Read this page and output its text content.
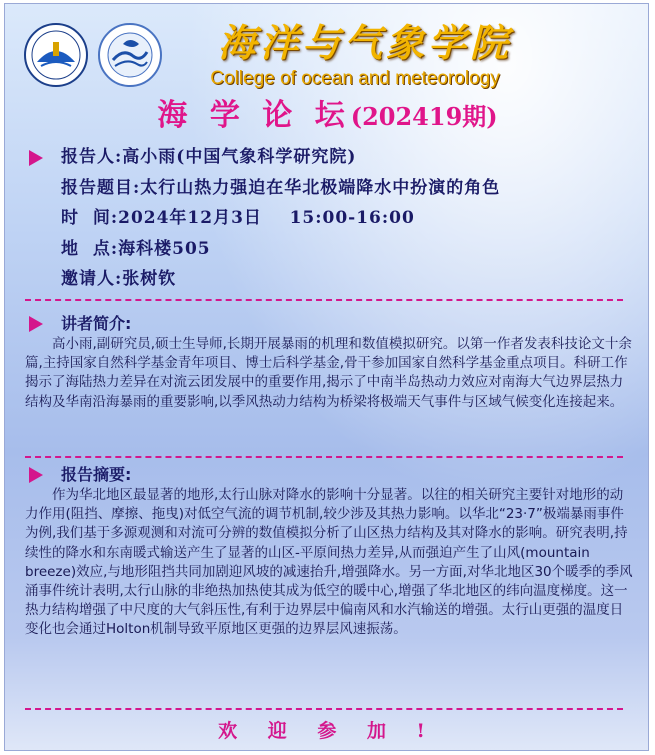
海洋与气象学院
College of ocean and meteorology
海 学 论 坛(202419期)
报告人:高小雨(中国气象科学研究院)
报告题目:太行山热力强迫在华北极端降水中扮演的角色
时  间:2024年12月3日    15:00-16:00
地  点:海科楼505
邀请人:张树钦
讲者简介:
高小雨,副研究员,硕士生导师,长期开展暴雨的机理和数值模拟研究。以第一作者发表科技论文十余篇,主持国家自然科学基金青年项目、博士后科学基金,骨干参加国家自然科学基金重点项目。科研工作揭示了海陆热力差异在对流云团发展中的重要作用,揭示了中南半岛热动力效应对南海大气边界层热力结构及华南沿海暴雨的重要影响,以季风热动力结构为桥梁将极端天气事件与区域气候变化连接起来。
报告摘要:
作为华北地区最显著的地形,太行山脉对降水的影响十分显著。以往的相关研究主要针对地形的动力作用(阻挡、摩擦、拖曳)对低空气流的调节机制,较少涉及其热力影响。以华北“23·7”极端暴雨事件为例,我们基于多源观测和对流可分辨的数值模拟分析了山区热力结构及其对降水的影响。研究表明,持续性的降水和东南暖式输送产生了显著的山区-平原间热力差异,从而强迫产生了山风(mountain breeze)效应,与地形阻挡共同加剧迎风坡的减速抬升,增强降水。另一方面,对华北地区30个暖季的季风涌事件统计表明,太行山脉的非绝热加热使其成为低空的暖中心,增强了华北地区的纬向温度梯度。这一热力结构增强了中尺度的大气斜压性,有利于边界层中偏南风和水汽输送的增强。太行山更强的温度日变化也会通过Holton机制导致平原地区更强的边界层风速振荡。
欢 迎 参 加 !
